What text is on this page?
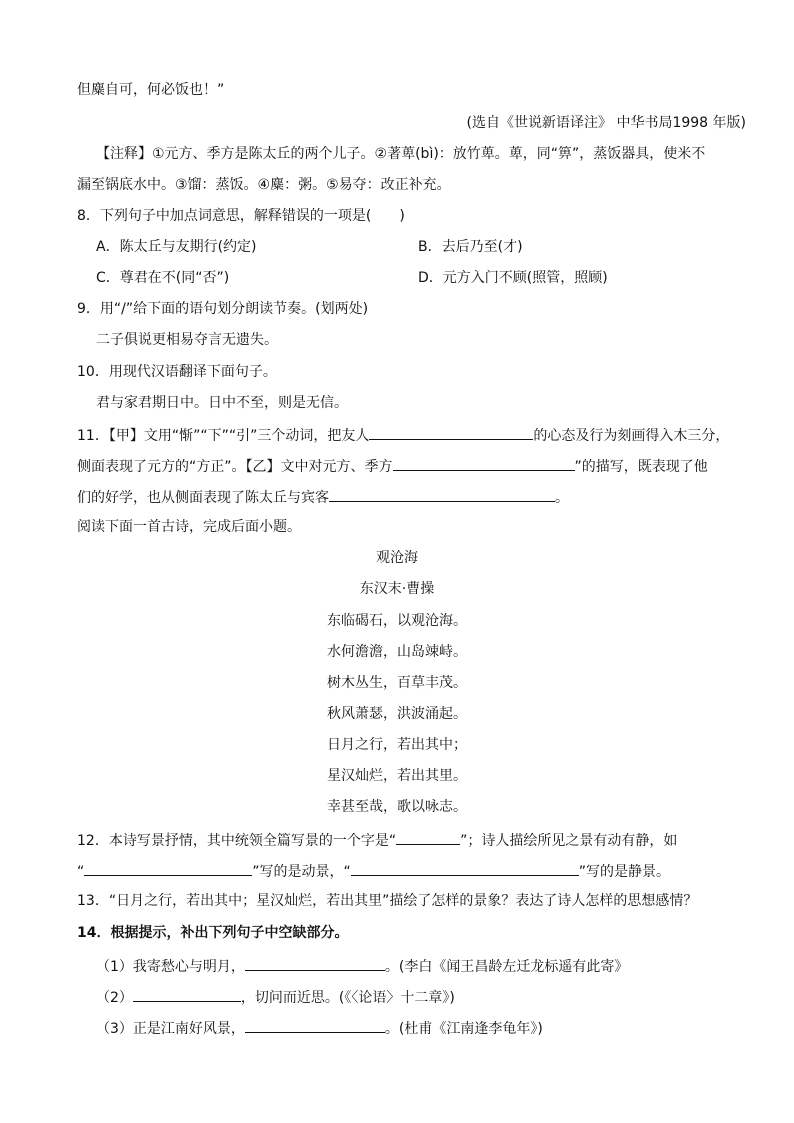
但麋自可，何必饭也！”
(选自《世说新语译注》 中华书局1998 年版)
【注释】①元方、季方是陈太丘的两个儿子。②著萆(bì)：放竹萆。萆，同“箅”，蒸饭器具，使米不
漏至锅底水中。③馏：蒸饭。④麋：粥。⑤易夺：改正补充。
8．下列句子中加点词意思，解释错误的一项是(　　)
A．陈太丘与友期行(约定)	B．去后乃至(才)
C．尊君在不(同“否”)	D．元方入门不顾(照管，照顾)
9．用“/”给下面的语句划分朗读节奏。(划两处)
二子俱说更相易夺言无遗失。
10．用现代汉语翻译下面句子。
君与家君期日中。日中不至，则是无信。
11．【甲】文用“惭”“下”“引”三个动词，把友人	的心态及行为刻画得入木三分，
侧面表现了元方的“方正”。【乙】文中对元方、季方	”的描写，既表现了他
们的好学，也从侧面表现了陈太丘与宾客	。
阅读下面一首古诗，完成后面小题。
观沧海
东汉末·曹操
东临碣石，以观沧海。
水何澹澹，山岛竦峙。
树木丛生，百草丰茂。
秋风萧瑟，洪波涌起。
日月之行，若出其中；
星汉灿烂，若出其里。
幸甚至哉，歌以咏志。
12．本诗写景抒情，其中统领全篇写景的一个字是“	”；诗人描绘所见之景有动有静，如
“	”写的是动景，“	”写的是静景。
13．“日月之行，若出其中；星汉灿烂，若出其里”描绘了怎样的景象？表达了诗人怎样的思想感情？
14．根据提示，补出下列句子中空缺部分。
（1）我寄愁心与明月，	。(李白《闻王昌龄左迁龙标遥有此寄》
（2）	，切问而近思。(《〈论语〉十二章》)
（3）正是江南好风景，	。(杜甫《江南逢李龟年》)
